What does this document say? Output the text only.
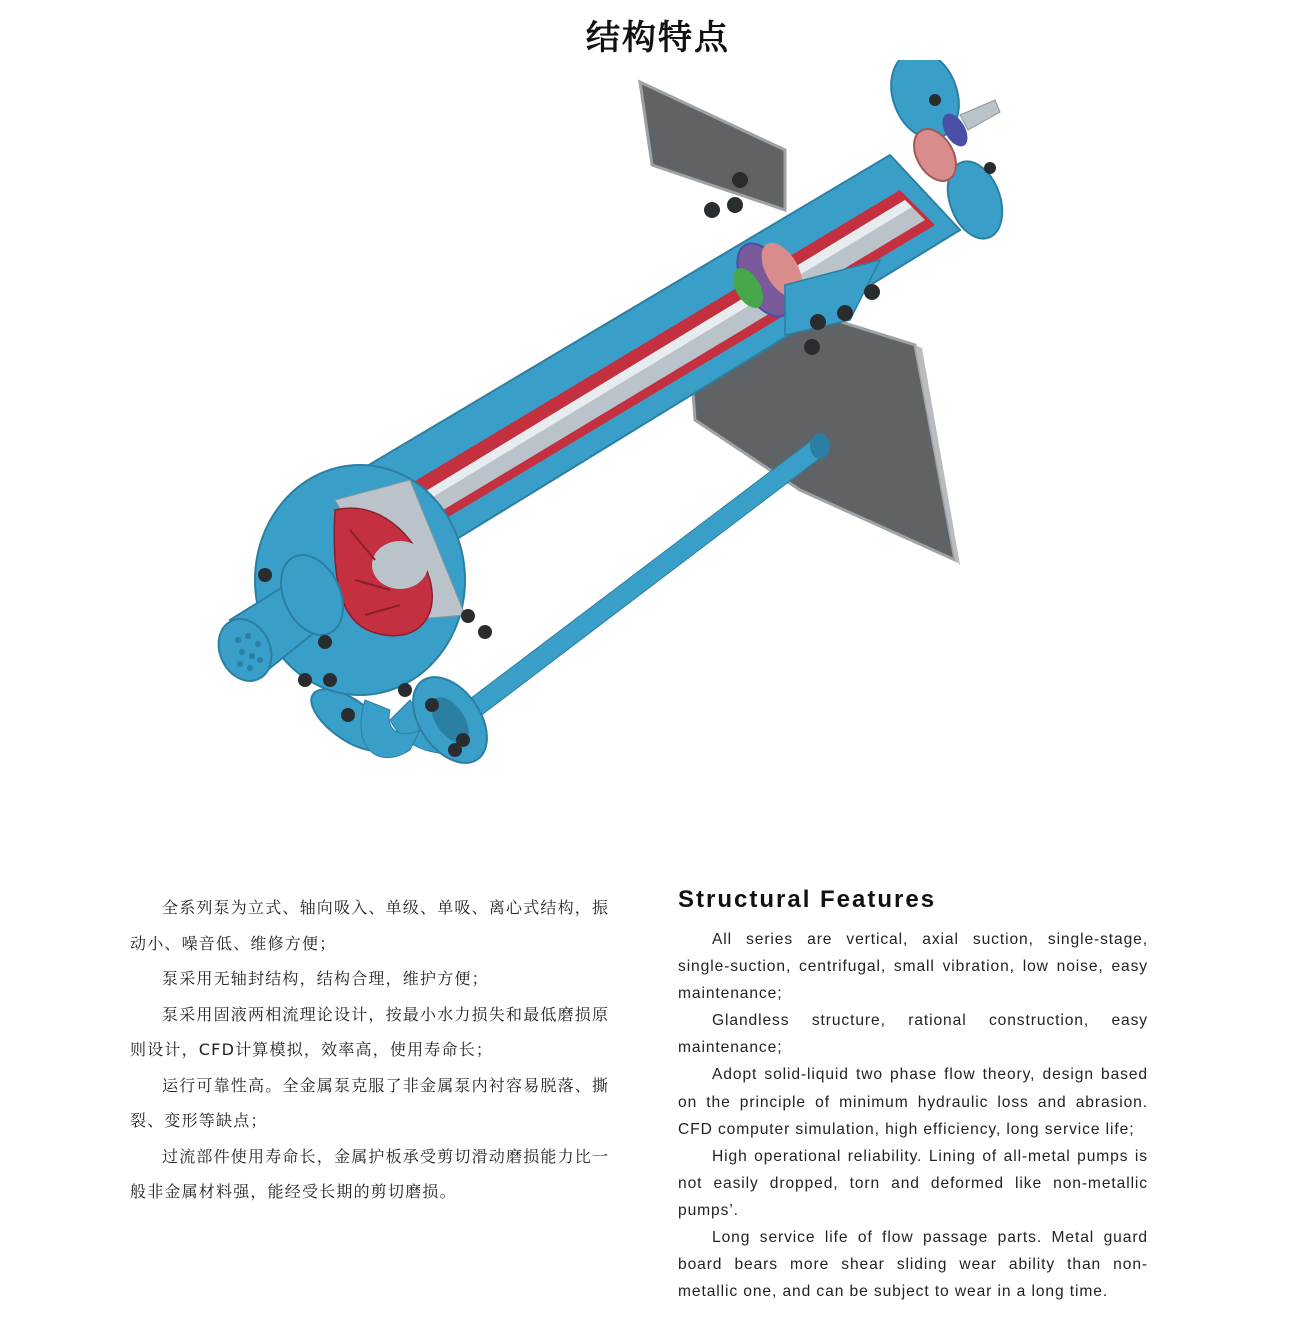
结构特点

全系列泵为立式、轴向吸入、单级、单吸、离心式结构，振动小、噪音低、维修方便；

泵采用无轴封结构，结构合理，维护方便；

泵采用固液两相流理论设计，按最小水力损失和最低磨损原则设计，CFD计算模拟，效率高，使用寿命长；

运行可靠性高。全金属泵克服了非金属泵内衬容易脱落、撕裂、变形等缺点；

过流部件使用寿命长，金属护板承受剪切滑动磨损能力比一般非金属材料强，能经受长期的剪切磨损。

Structural Features

All series are vertical, axial suction, single-stage, single-suction, centrifugal, small vibration, low noise, easy maintenance;

Glandless structure, rational construction, easy maintenance;

Adopt solid-liquid two phase flow theory, design based on the principle of minimum hydraulic loss and abrasion. CFD computer simulation, high efficiency, long service life;

High operational reliability. Lining of all-metal pumps is not easily dropped, torn and deformed like non-metallic pumps’.

Long service life of flow passage parts. Metal guard board bears more shear sliding wear ability than non-metallic one, and can be subject to wear in a long time.
